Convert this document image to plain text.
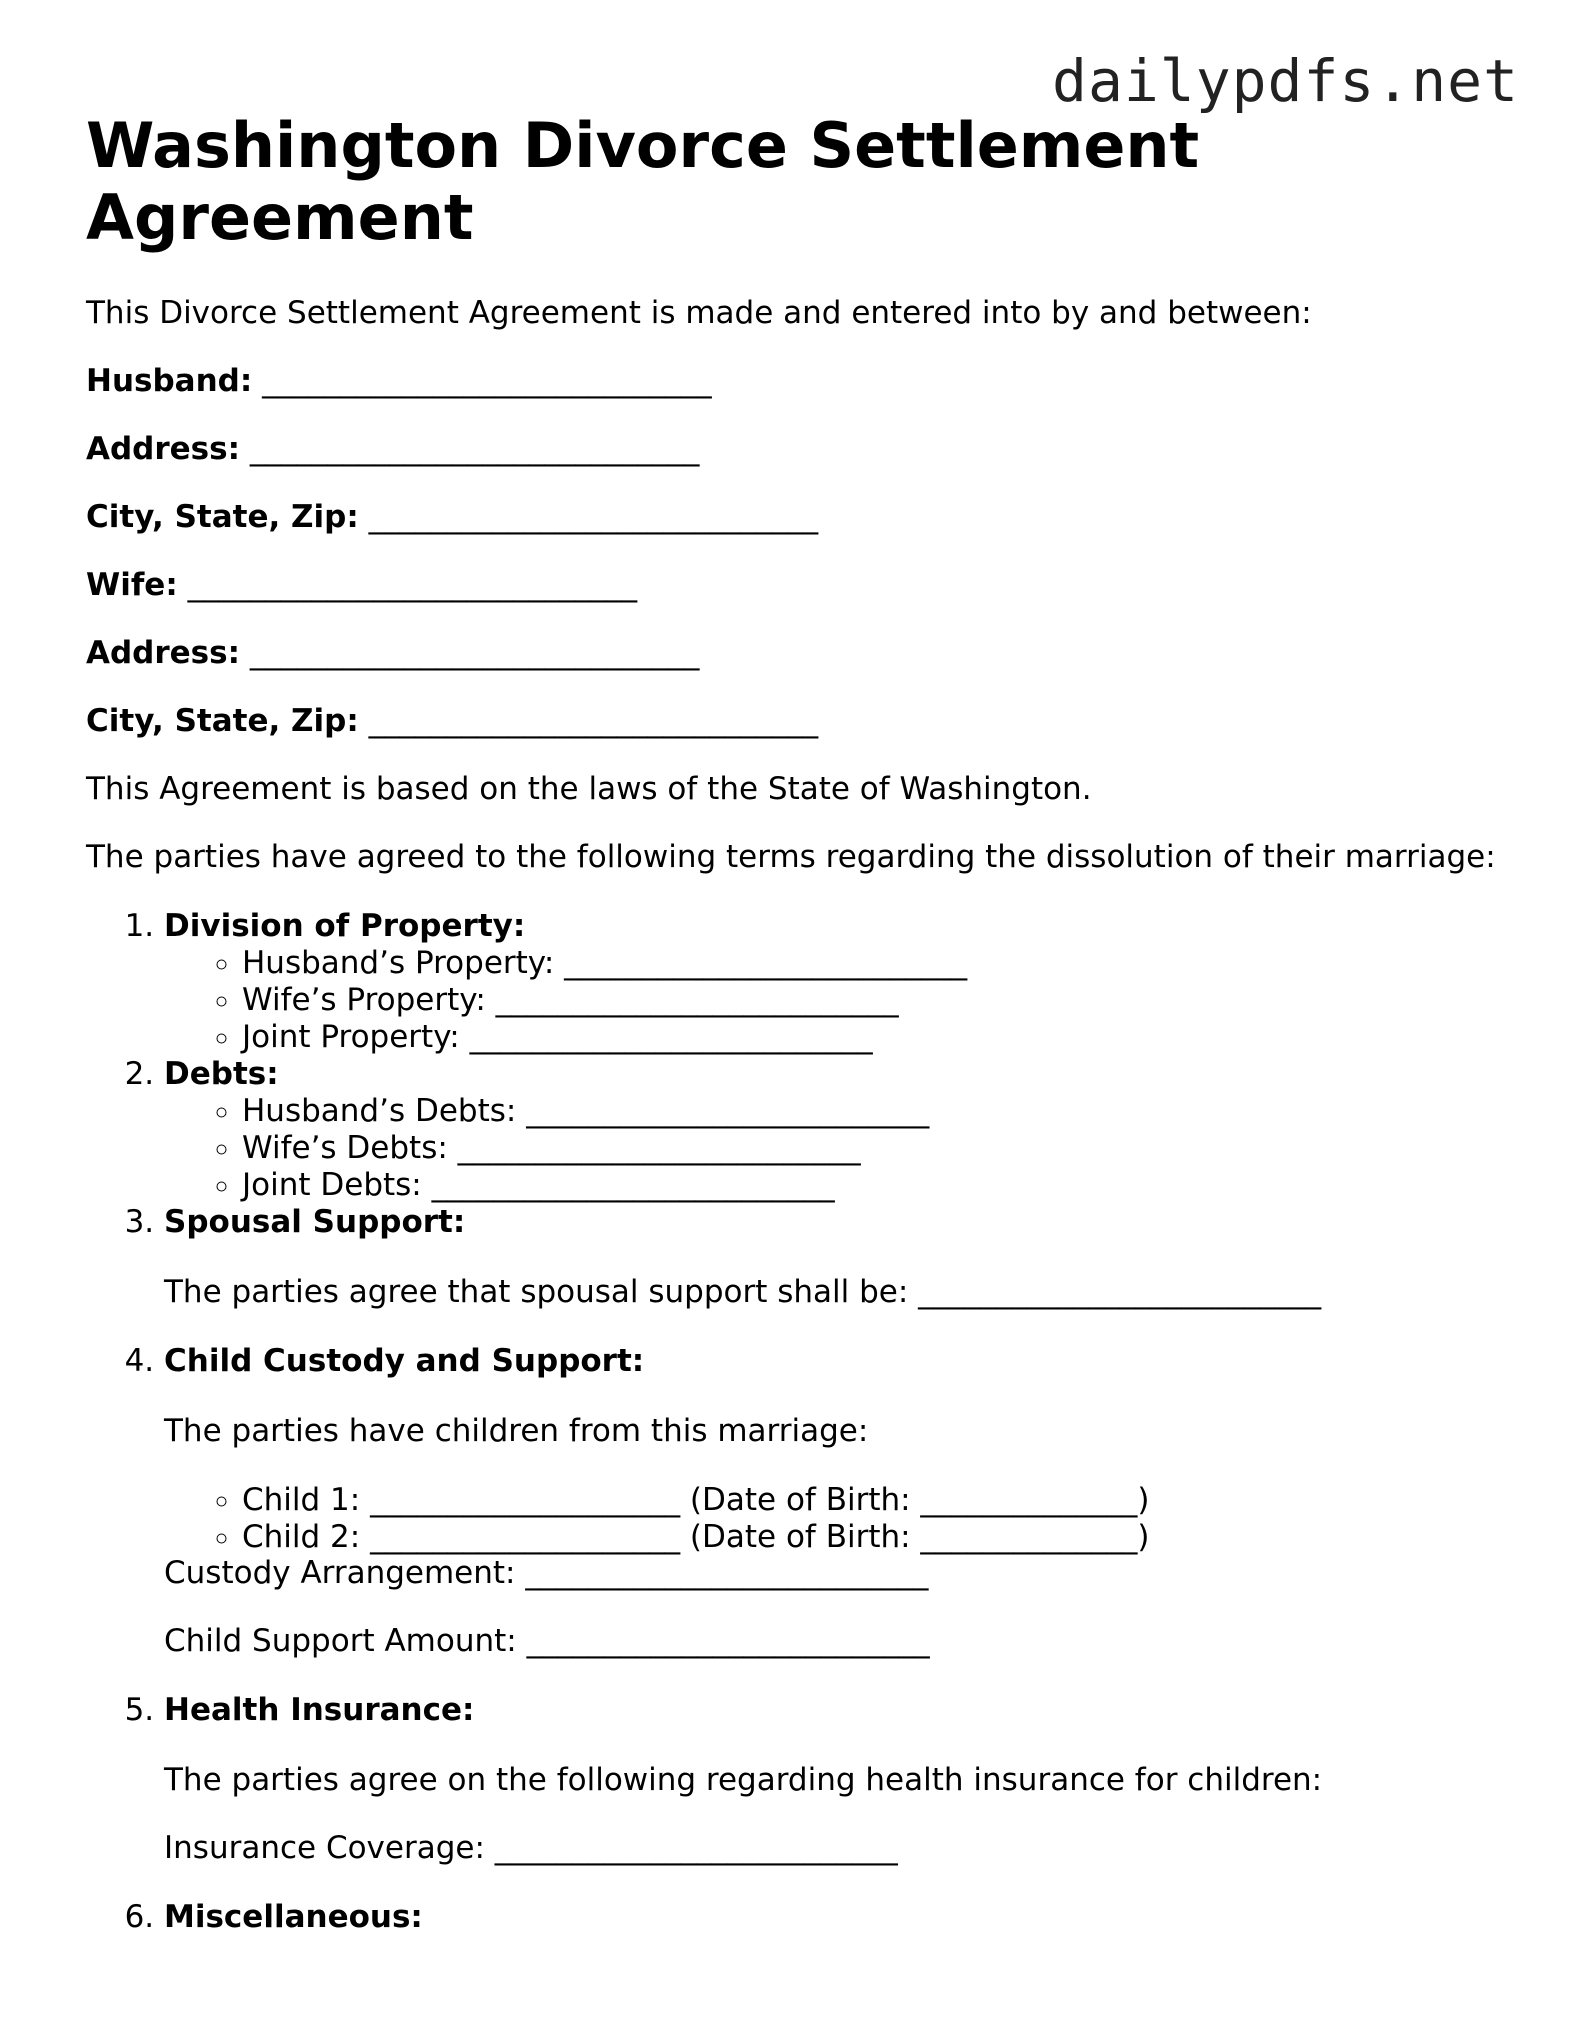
dailypdfs.net
Washington Divorce Settlement Agreement

This Divorce Settlement Agreement is made and entered into by and between:

Husband: _____________________________

Address: _____________________________

City, State, Zip: _____________________________

Wife: _____________________________

Address: _____________________________

City, State, Zip: _____________________________

This Agreement is based on the laws of the State of Washington.

The parties have agreed to the following terms regarding the dissolution of their marriage:

1. Division of Property:
◦ Husband’s Property: __________________________
◦ Wife’s Property: __________________________
◦ Joint Property: __________________________
2. Debts:
◦ Husband’s Debts: __________________________
◦ Wife’s Debts: __________________________
◦ Joint Debts: __________________________
3. Spousal Support:

The parties agree that spousal support shall be: __________________________

4. Child Custody and Support:

The parties have children from this marriage:

◦ Child 1: ____________________ (Date of Birth: ______________)
◦ Child 2: ____________________ (Date of Birth: ______________)

Custody Arrangement: __________________________

Child Support Amount: __________________________

5. Health Insurance:

The parties agree on the following regarding health insurance for children:

Insurance Coverage: __________________________

6. Miscellaneous:
